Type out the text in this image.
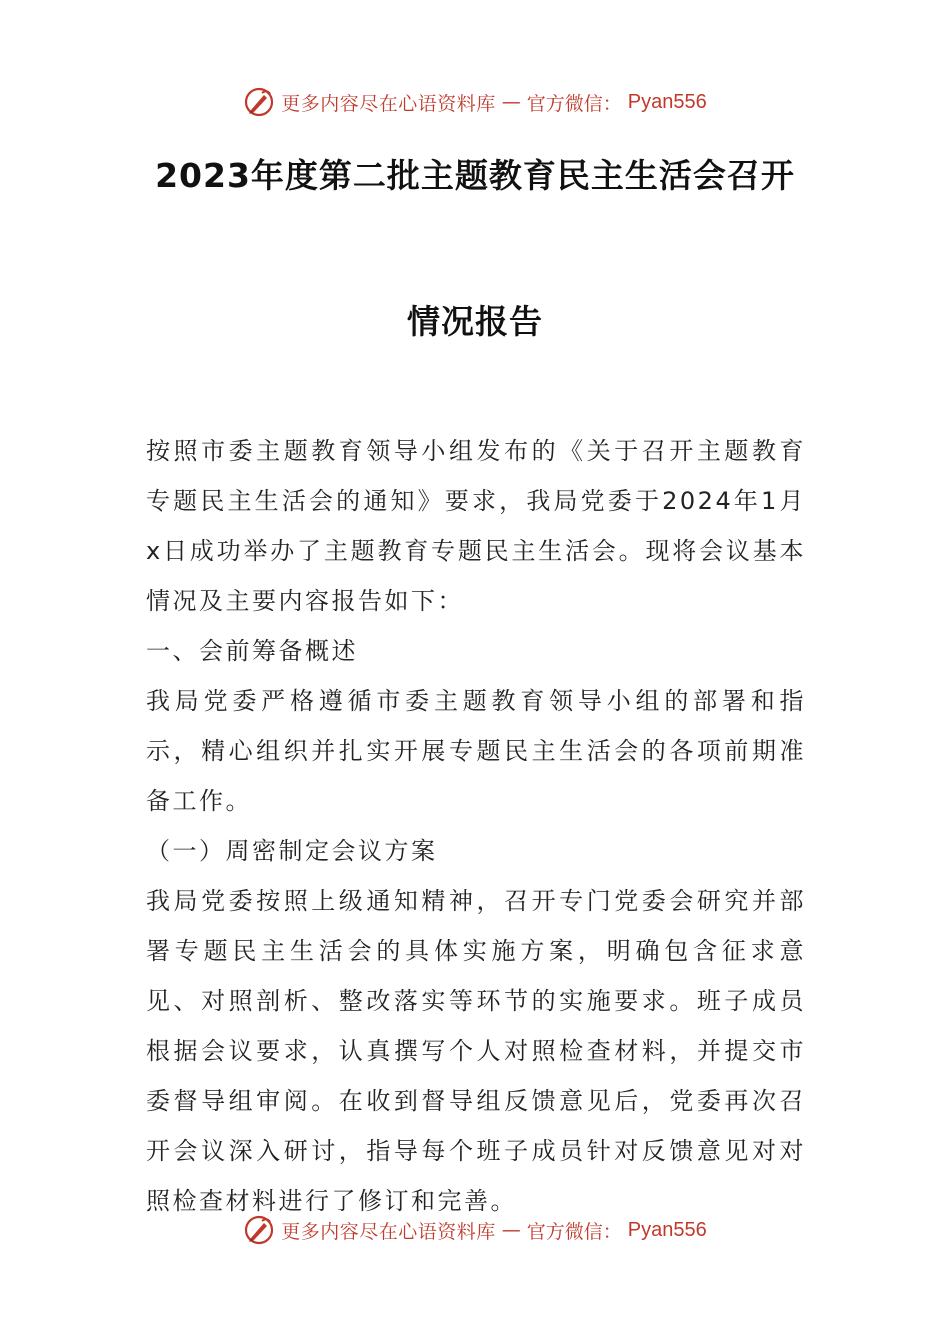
更多内容尽在心语资料库 — 官方微信： Pyan556
2023年度第二批主题教育民主生活会召开
情况报告

按照市委主题教育领导小组发布的《关于召开主题教育专题民主生活会的通知》要求，我局党委于2024年1月x日成功举办了主题教育专题民主生活会。现将会议基本情况及主要内容报告如下：

一、会前筹备概述

我局党委严格遵循市委主题教育领导小组的部署和指示，精心组织并扎实开展专题民主生活会的各项前期准备工作。

（一）周密制定会议方案

我局党委按照上级通知精神，召开专门党委会研究并部署专题民主生活会的具体实施方案，明确包含征求意见、对照剖析、整改落实等环节的实施要求。班子成员根据会议要求，认真撰写个人对照检查材料，并提交市委督导组审阅。在收到督导组反馈意见后，党委再次召开会议深入研讨，指导每个班子成员针对反馈意见对对照检查材料进行了修订和完善。

更多内容尽在心语资料库 — 官方微信： Pyan556
